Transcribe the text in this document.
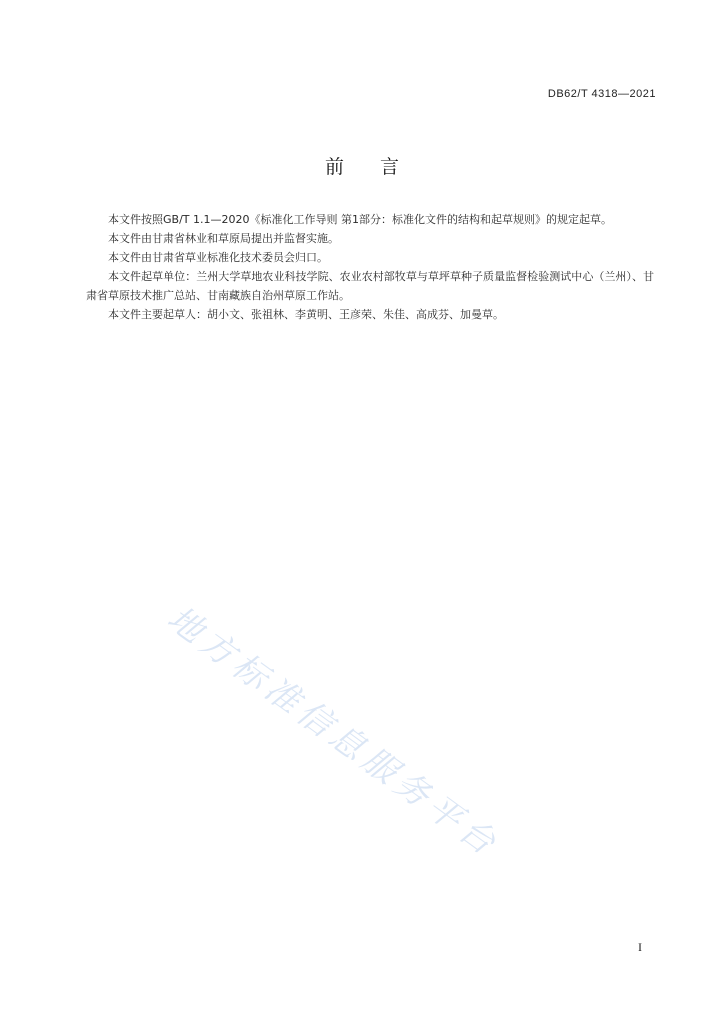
DB62/T 4318—2021
前言

本文件按照GB/T 1.1—2020《标准化工作导则 第1部分：标准化文件的结构和起草规则》的规定起草。

本文件由甘肃省林业和草原局提出并监督实施。

本文件由甘肃省草业标准化技术委员会归口。

本文件起草单位：兰州大学草地农业科技学院、农业农村部牧草与草坪草种子质量监督检验测试中心（兰州）、甘肃省草原技术推广总站、甘南藏族自治州草原工作站。

本文件主要起草人：胡小文、张祖林、李黄明、王彦荣、朱佳、高成芬、加曼草。

地方标准信息服务平台
I
